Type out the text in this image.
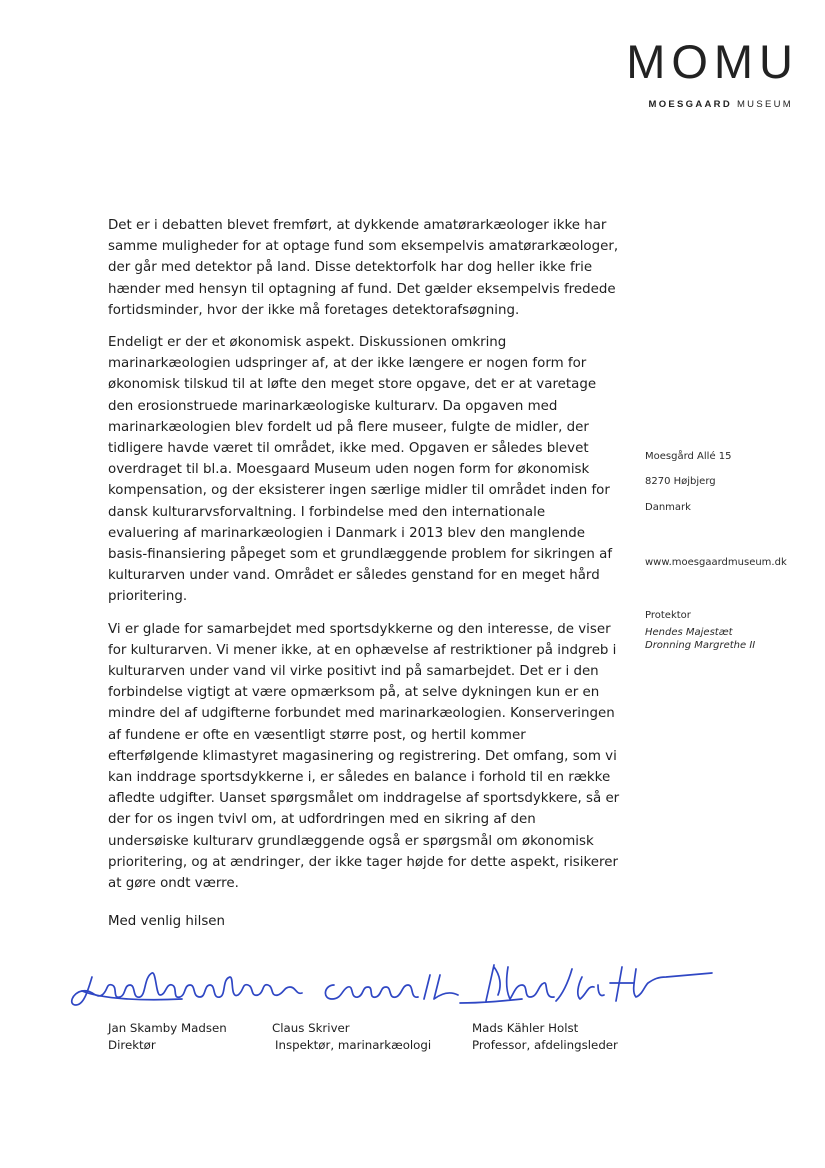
MOMU
MOESGAARD MUSEUM

Det er i debatten blevet fremført, at dykkende amatørarkæologer ikke har samme muligheder for at optage fund som eksempelvis amatørarkæologer, der går med detektor på land. Disse detektorfolk har dog heller ikke frie hænder med hensyn til optagning af fund. Det gælder eksempelvis fredede fortidsminder, hvor der ikke må foretages detektorafsøgning.

Endeligt er der et økonomisk aspekt. Diskussionen omkring marinarkæologien udspringer af, at der ikke længere er nogen form for økonomisk tilskud til at løfte den meget store opgave, det er at varetage den erosionstruede marinarkæologiske kulturarv. Da opgaven med marinarkæologien blev fordelt ud på flere museer, fulgte de midler, der tidligere havde været til området, ikke med. Opgaven er således blevet overdraget til bl.a. Moesgaard Museum uden nogen form for økonomisk kompensation, og der eksisterer ingen særlige midler til området inden for dansk kulturarvsforvaltning. I forbindelse med den internationale evaluering af marinarkæologien i Danmark i 2013 blev den manglende basis-finansiering påpeget som et grundlæggende problem for sikringen af kulturarven under vand. Området er således genstand for en meget hård prioritering.

Vi er glade for samarbejdet med sportsdykkerne og den interesse, de viser for kulturarven. Vi mener ikke, at en ophævelse af restriktioner på indgreb i kulturarven under vand vil virke positivt ind på samarbejdet. Det er i den forbindelse vigtigt at være opmærksom på, at selve dykningen kun er en mindre del af udgifterne forbundet med marinarkæologien. Konserveringen af fundene er ofte en væsentligt større post, og hertil kommer efterfølgende klimastyret magasinering og registrering. Det omfang, som vi kan inddrage sportsdykkerne i, er således en balance i forhold til en række afledte udgifter. Uanset spørgsmålet om inddragelse af sportsdykkere, så er der for os ingen tvivl om, at udfordringen med en sikring af den undersøiske kulturarv grundlæggende også er spørgsmål om økonomisk prioritering, og at ændringer, der ikke tager højde for dette aspekt, risikerer at gøre ondt værre.

Moesgård Allé 15
8270 Højbjerg
Danmark
www.moesgaardmuseum.dk
Protektor
Hendes Majestæt
Dronning Margrethe II
Med venlig hilsen
Jan Skamby Madsen
Direktør
Claus Skriver
Inspektør, marinarkæologi
Mads Kähler Holst
Professor, afdelingsleder
